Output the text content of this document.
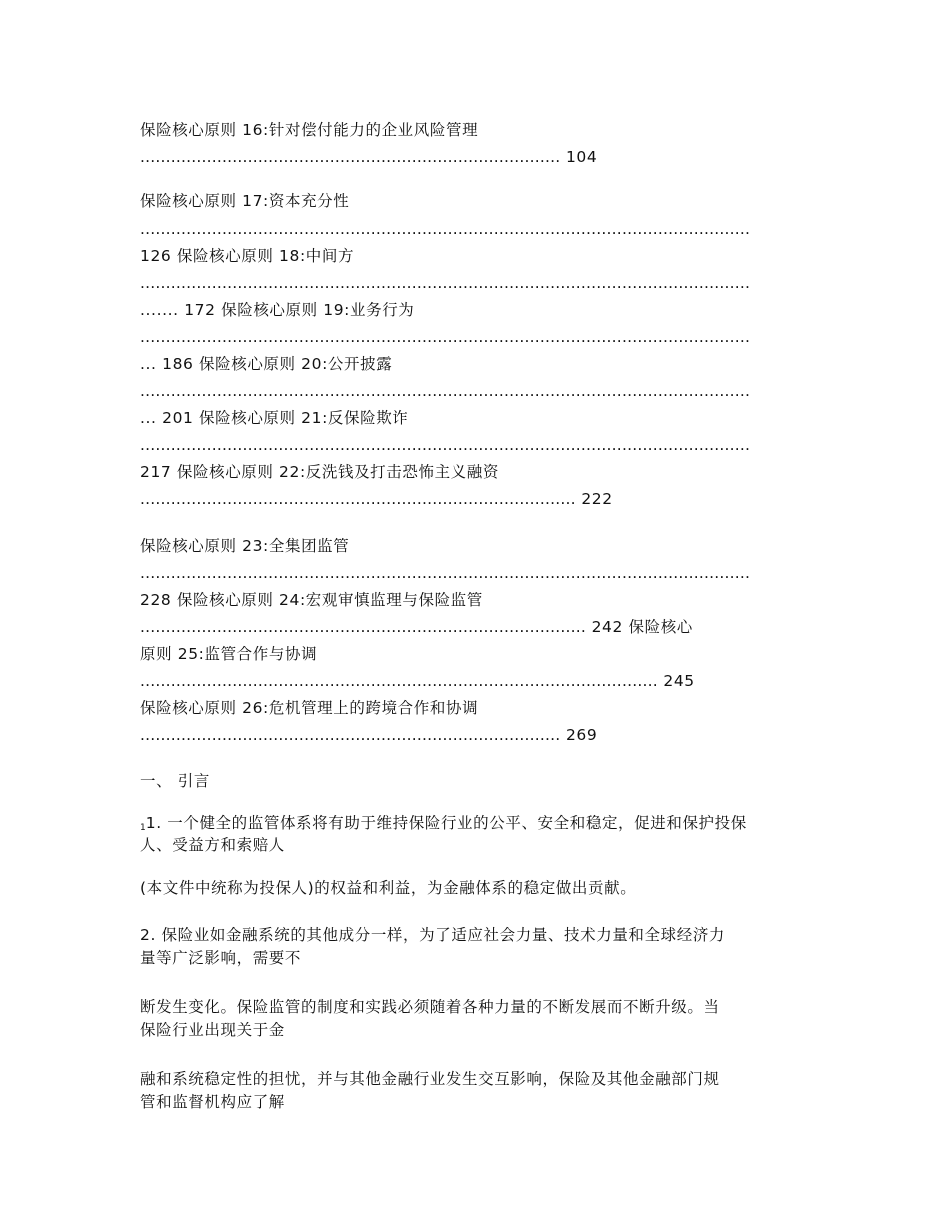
保险核心原则 16:针对偿付能力的企业风险管理
.................................................................................. 104
保险核心原则 17:资本充分性
.......................................................................................................................
126 保险核心原则 18:中间方
.......................................................................................................................
....... 172 保险核心原则 19:业务行为
.......................................................................................................................
... 186 保险核心原则 20:公开披露
.......................................................................................................................
... 201 保险核心原则 21:反保险欺诈
.......................................................................................................................
217 保险核心原则 22:反洗钱及打击恐怖主义融资
..................................................................................... 222
保险核心原则 23:全集团监管
.......................................................................................................................
228 保险核心原则 24:宏观审慎监理与保险监管
....................................................................................... 242 保险核心
原则 25:监管合作与协调
..................................................................................................... 245
保险核心原则 26:危机管理上的跨境合作和协调
.................................................................................. 269
一、 引言
$_1$1. 一个健全的监管体系将有助于维持保险行业的公平、安全和稳定，促进和保护投保
人、受益方和索赔人
(本文件中统称为投保人)的权益和利益，为金融体系的稳定做出贡献。
2. 保险业如金融系统的其他成分一样，为了适应社会力量、技术力量和全球经济力
量等广泛影响，需要不
断发生变化。保险监管的制度和实践必须随着各种力量的不断发展而不断升级。当
保险行业出现关于金
融和系统稳定性的担忧，并与其他金融行业发生交互影响，保险及其他金融部门规
管和监督机构应了解
